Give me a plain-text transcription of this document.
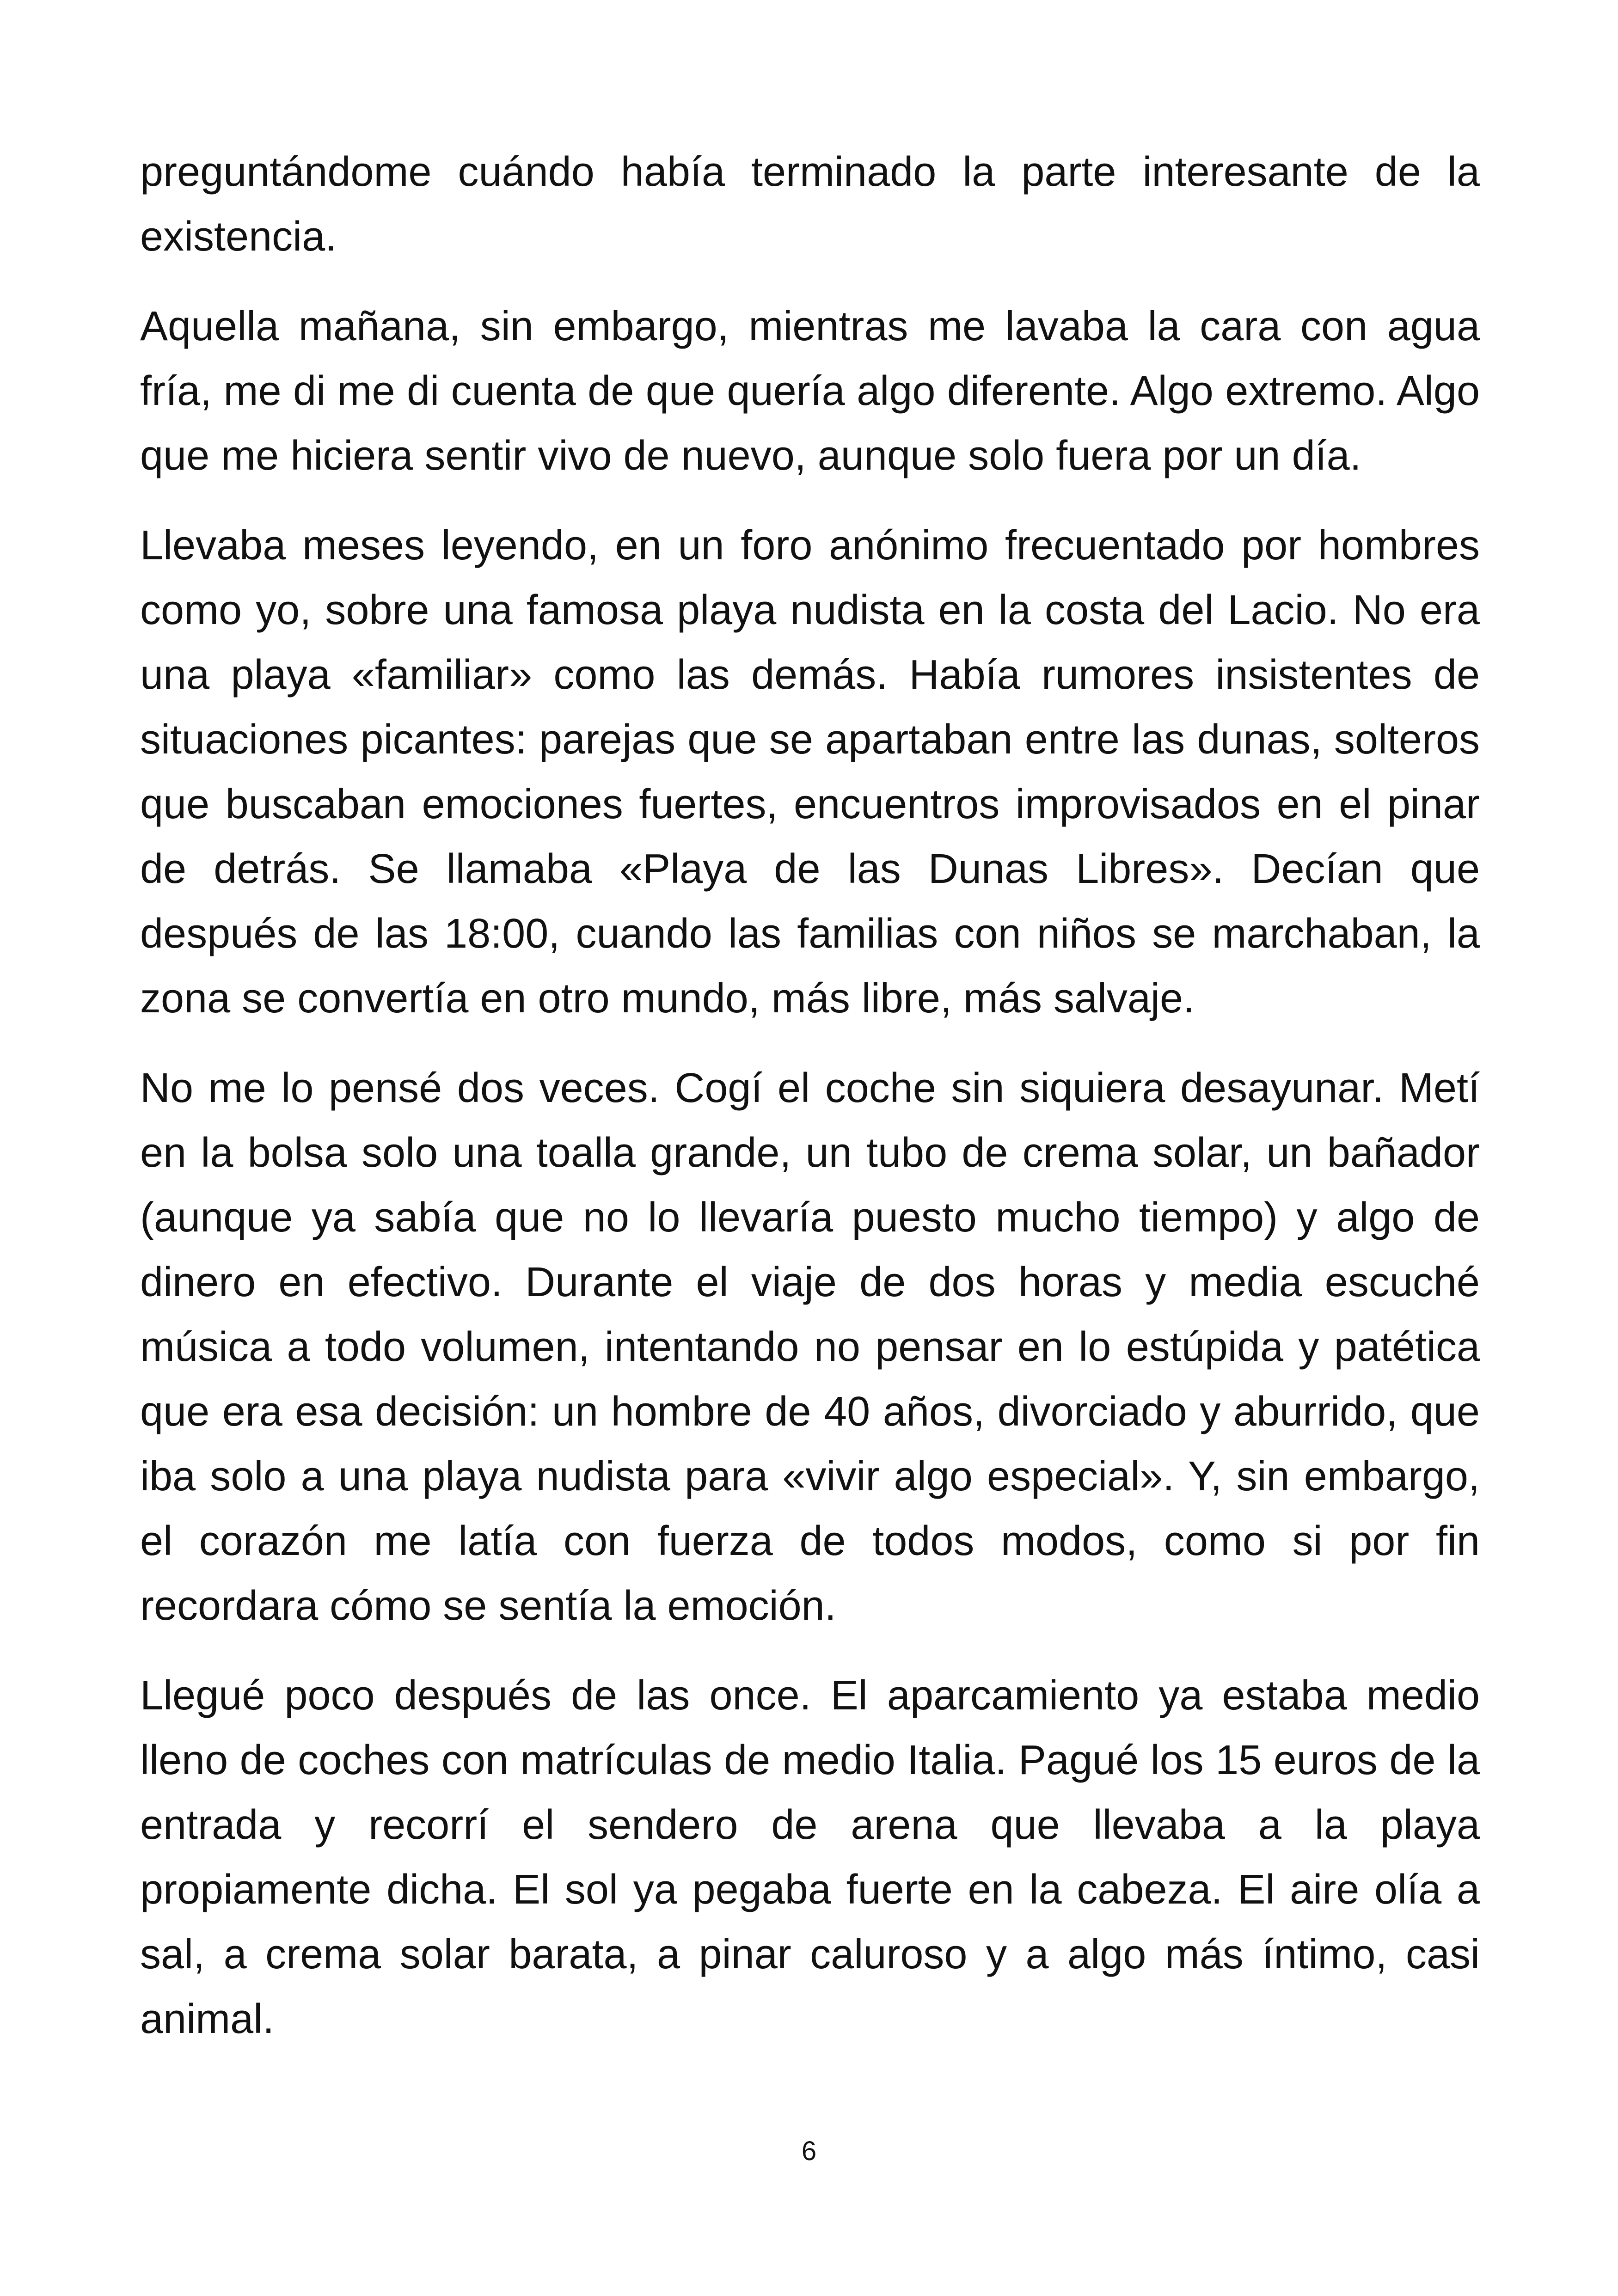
preguntándome cuándo había terminado la parte interesante de la existencia.

Aquella mañana, sin embargo, mientras me lavaba la cara con agua fría, me di me di cuenta de que quería algo diferente. Algo extremo. Algo que me hiciera sentir vivo de nuevo, aunque solo fuera por un día.

Llevaba meses leyendo, en un foro anónimo frecuentado por hombres como yo, sobre una famosa playa nudista en la costa del Lacio. No era una playa «familiar» como las demás. Había rumores insistentes de situaciones picantes: parejas que se apartaban entre las dunas, solteros que buscaban emociones fuertes, encuentros improvisados en el pinar de detrás. Se llamaba «Playa de las Dunas Libres». Decían que después de las 18:00, cuando las familias con niños se marchaban, la zona se convertía en otro mundo, más libre, más salvaje.

No me lo pensé dos veces. Cogí el coche sin siquiera desayunar. Metí en la bolsa solo una toalla grande, un tubo de crema solar, un bañador (aunque ya sabía que no lo llevaría puesto mucho tiempo) y algo de dinero en efectivo. Durante el viaje de dos horas y media escuché música a todo volumen, intentando no pensar en lo estúpida y patética que era esa decisión: un hombre de 40 años, divorciado y aburrido, que iba solo a una playa nudista para «vivir algo especial». Y, sin embargo, el corazón me latía con fuerza de todos modos, como si por fin recordara cómo se sentía la emoción.

Llegué poco después de las once. El aparcamiento ya estaba medio lleno de coches con matrículas de medio Italia. Pagué los 15 euros de la entrada y recorrí el sendero de arena que llevaba a la playa propiamente dicha. El sol ya pegaba fuerte en la cabeza. El aire olía a sal, a crema solar barata, a pinar caluroso y a algo más íntimo, casi animal.

6
